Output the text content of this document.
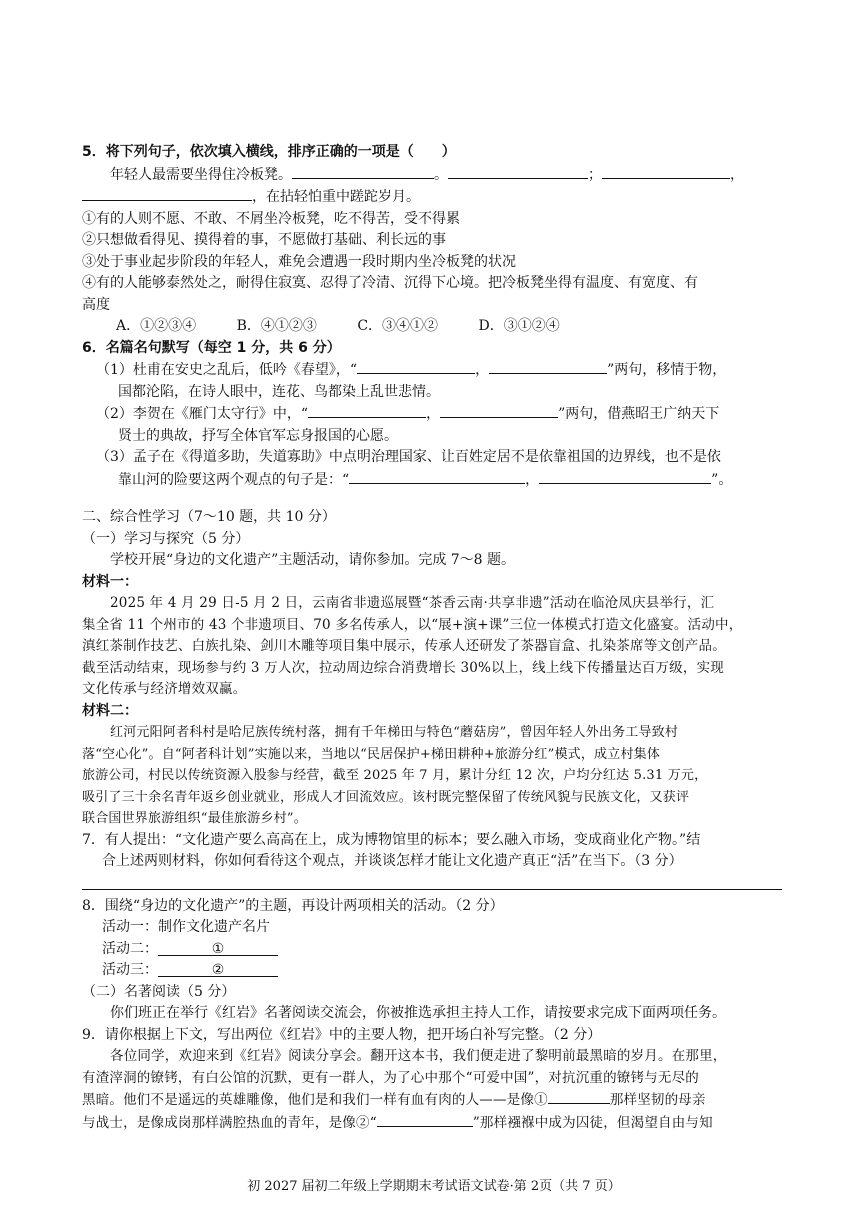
5．将下列句子，依次填入横线，排序正确的一项是（　　）
年轻人最需要坐得住冷板凳。	。	；	，
，在拈轻怕重中蹉跎岁月。
①有的人则不愿、不敢、不屑坐冷板凳，吃不得苦，受不得累
②只想做看得见、摸得着的事，不愿做打基础、利长远的事
③处于事业起步阶段的年轻人，难免会遭遇一段时期内坐冷板凳的状况
④有的人能够泰然处之，耐得住寂寞、忍得了冷清、沉得下心境。把冷板凳坐得有温度、有宽度、有
高度
A．①②③④	B．④①②③	C．③④①②	D．③①②④
6．名篇名句默写（每空 1 分，共 6 分）
（1）杜甫在安史之乱后，低吟《春望》，“	，	”两句，移情于物，
国都沦陷，在诗人眼中，连花、鸟都染上乱世悲情。
（2）李贺在《雁门太守行》中，“	，	”两句，借燕昭王广纳天下
贤士的典故，抒写全体官军忘身报国的心愿。
（3）孟子在《得道多助，失道寡助》中点明治理国家、让百姓定居不是依靠祖国的边界线，也不是依
靠山河的险要这两个观点的句子是：“	，	”。
二、综合性学习（7～10 题，共 10 分）
（一）学习与探究（5 分）
学校开展“身边的文化遗产”主题活动，请你参加。完成 7～8 题。
材料一：
2025 年 4 月 29 日-5 月 2 日，云南省非遗巡展暨“茶香云南·共享非遗”活动在临沧凤庆县举行，汇
集全省 11 个州市的 43 个非遗项目、70 多名传承人，以“展+演+课”三位一体模式打造文化盛宴。活动中，
滇红茶制作技艺、白族扎染、剑川木雕等项目集中展示，传承人还研发了茶器盲盒、扎染茶席等文创产品。
截至活动结束，现场参与约 3 万人次，拉动周边综合消费增长 30%以上，线上线下传播量达百万级，实现
文化传承与经济增效双赢。
材料二：
红河元阳阿者科村是哈尼族传统村落，拥有千年梯田与特色“蘑菇房”，曾因年轻人外出务工导致村
落“空心化”。自“阿者科计划”实施以来，当地以“民居保护+梯田耕种+旅游分红”模式，成立村集体
旅游公司，村民以传统资源入股参与经营，截至 2025 年 7 月，累计分红 12 次，户均分红达 5.31 万元，
吸引了三十余名青年返乡创业就业，形成人才回流效应。该村既完整保留了传统风貌与民族文化，又获评
联合国世界旅游组织“最佳旅游乡村”。
7．有人提出：“文化遗产要么高高在上，成为博物馆里的标本；要么融入市场，变成商业化产物。”结
合上述两则材料，你如何看待这个观点，并谈谈怎样才能让文化遗产真正“活”在当下。（3 分）
8．围绕“身边的文化遗产”的主题，再设计两项相关的活动。（2 分）
活动一：制作文化遗产名片
活动二：	①
活动三：	②
（二）名著阅读（5 分）
你们班正在举行《红岩》名著阅读交流会，你被推选承担主持人工作，请按要求完成下面两项任务。
9．请你根据上下文，写出两位《红岩》中的主要人物，把开场白补写完整。（2 分）
各位同学，欢迎来到《红岩》阅读分享会。翻开这本书，我们便走进了黎明前最黑暗的岁月。在那里，
有渣滓洞的镣铐，有白公馆的沉默，更有一群人，为了心中那个“可爱中国”，对抗沉重的镣铐与无尽的
黑暗。他们不是遥远的英雄雕像，他们是和我们一样有血有肉的人——是像①	那样坚韧的母亲
与战士，是像成岗那样满腔热血的青年，是像②“	”那样襁褓中成为囚徒，但渴望自由与知
初 2027 届初二年级上学期期末考试语文试卷·第 2页（共 7 页）
